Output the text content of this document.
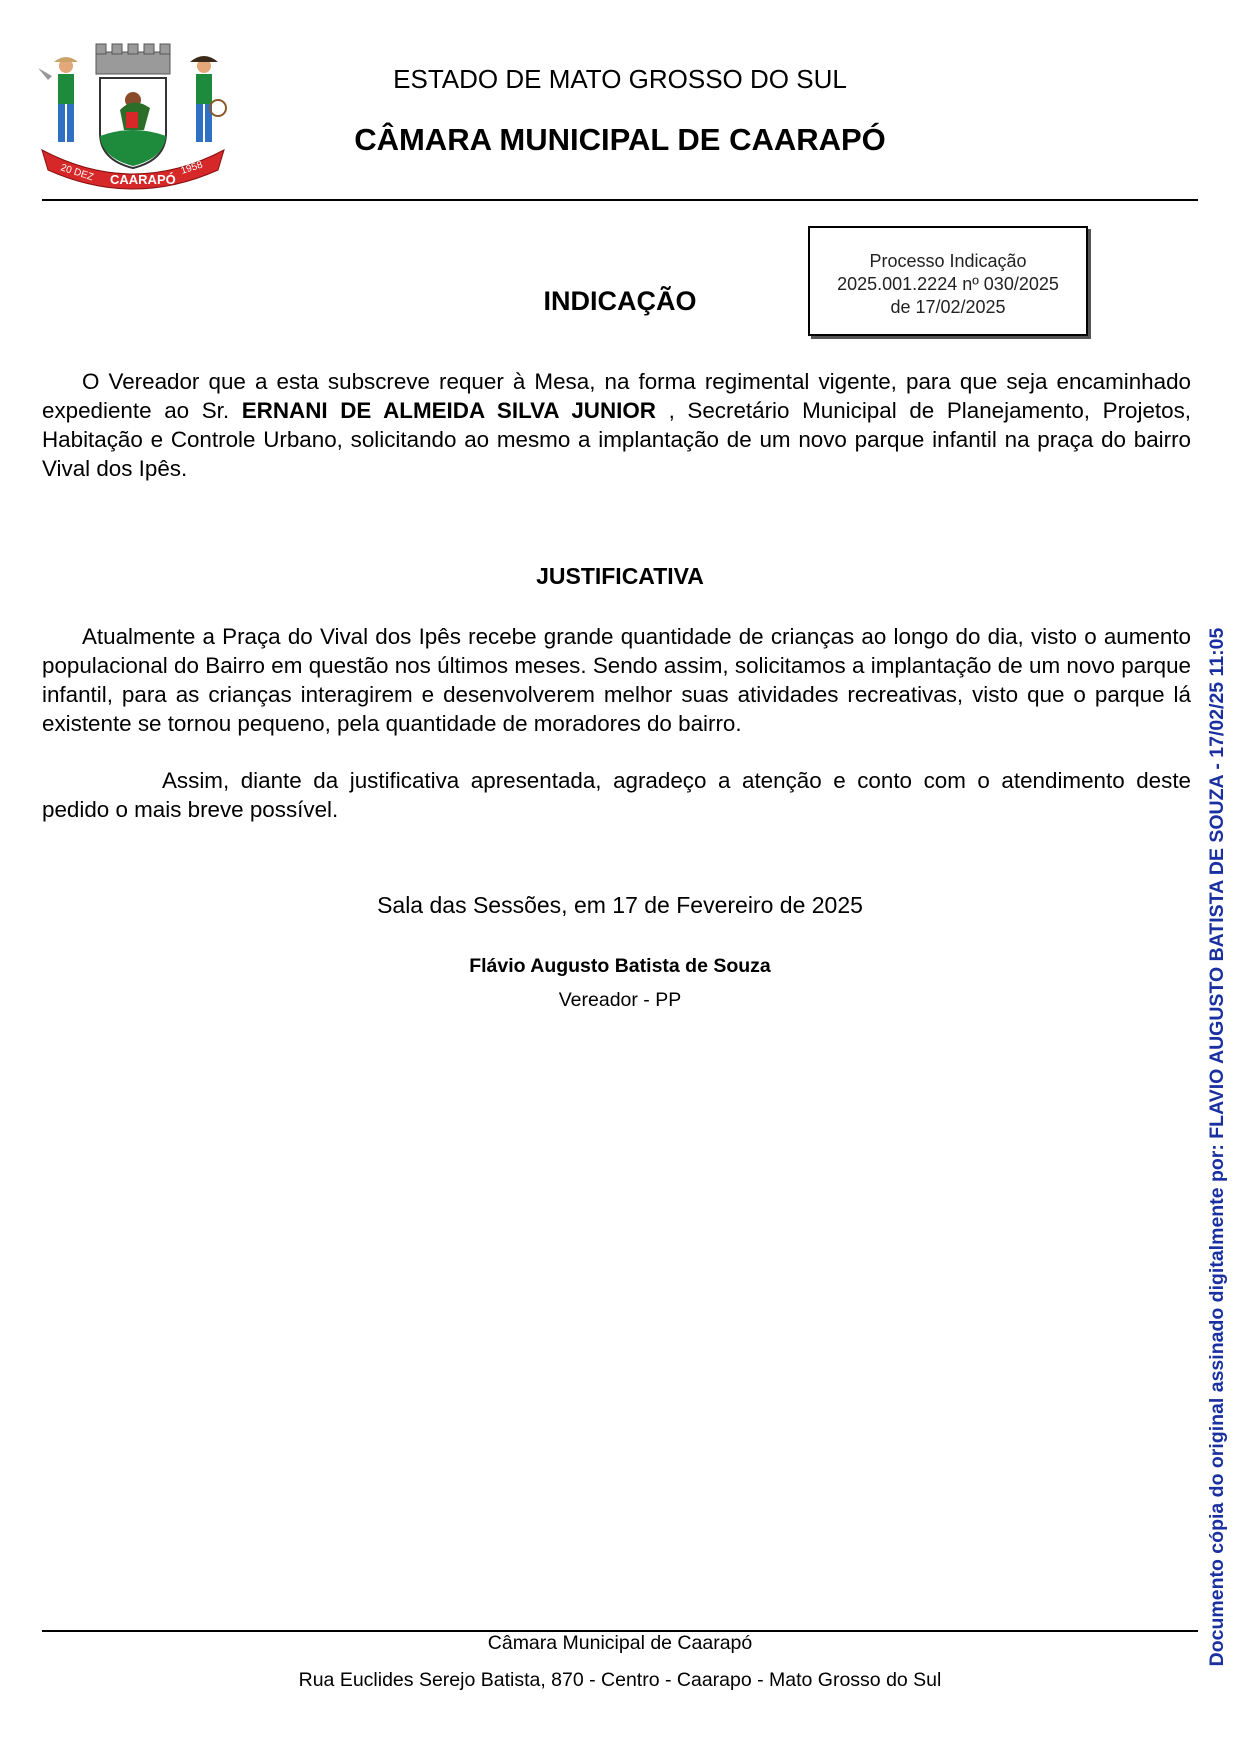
20 DEZ CAARAPÓ
1958
ESTADO DE MATO GROSSO DO SUL
CÂMARA MUNICIPAL DE CAARAPÓ
Processo Indicação
2025.001.2224 nº 030/2025
de 17/02/2025
INDICAÇÃO
O Vereador que a esta subscreve requer à Mesa, na forma regimental vigente, para que seja encaminhado expediente ao Sr. ERNANI DE ALMEIDA SILVA JUNIOR , Secretário Municipal de Planejamento, Projetos, Habitação e Controle Urbano, solicitando ao mesmo a implantação de um novo parque infantil na praça do bairro Vival dos Ipês.
JUSTIFICATIVA
Atualmente a Praça do Vival dos Ipês recebe grande quantidade de crianças ao longo do dia, visto o aumento populacional do Bairro em questão nos últimos meses. Sendo assim, solicitamos a implantação de um novo parque infantil, para as crianças interagirem e desenvolverem melhor suas atividades recreativas, visto que o parque lá existente se tornou pequeno, pela quantidade de moradores do bairro.
Assim, diante da justificativa apresentada, agradeço a atenção e conto com o atendimento deste pedido o mais breve possível.
Sala das Sessões, em 17 de Fevereiro de 2025
Flávio Augusto Batista de Souza
Vereador - PP
Câmara Municipal de Caarapó
Rua Euclides Serejo Batista, 870 - Centro - Caarapo - Mato Grosso do Sul
Documento cópia do original assinado digitalmente por: FLAVIO AUGUSTO BATISTA DE SOUZA - 17/02/25 11:05
